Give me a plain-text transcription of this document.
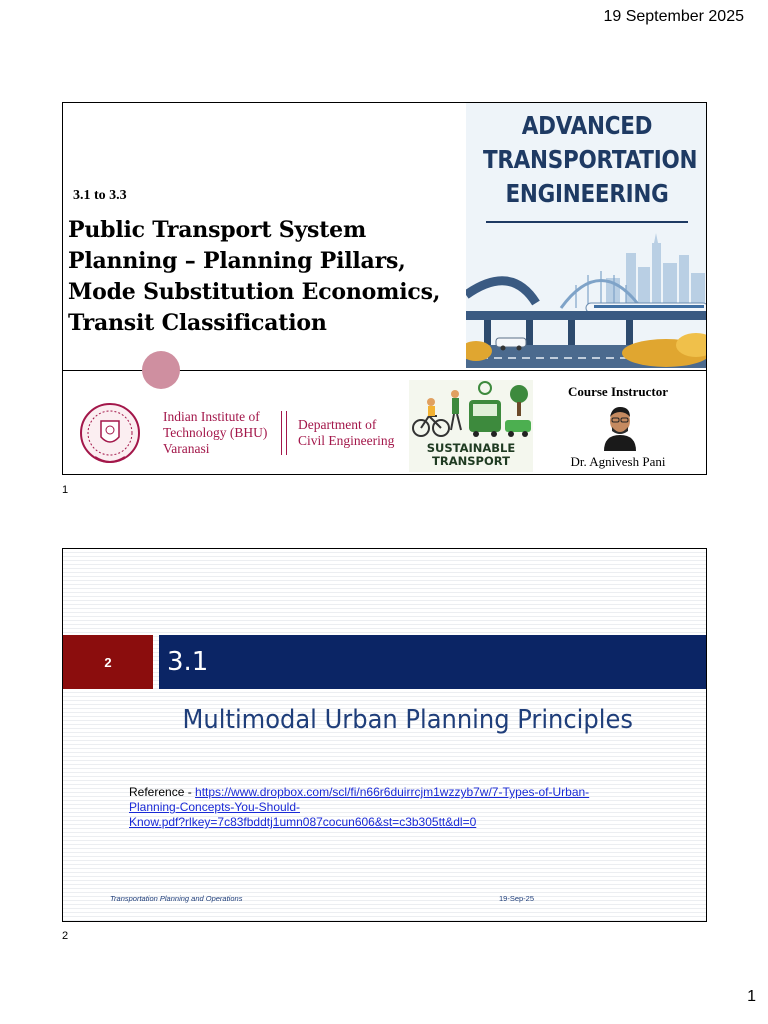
19 September 2025
3.1 to 3.3
Public Transport System Planning – Planning Pillars, Mode Substitution Economics, Transit Classification
ADVANCED
TRANSPORTATION
ENGINEERING
Indian Institute of
Technology (BHU)
Varanasi
Department of
Civil Engineering	SUSTAINABLE
TRANSPORT
Course Instructor
Dr. Agnivesh Pani
1
2	3.1
Multimodal Urban Planning Principles
Reference - https://www.dropbox.com/scl/fi/n66r6duirrcjm1wzzyb7w/7-Types-of-Urban-
Planning-Concepts-You-Should-
Know.pdf?rlkey=7c83fbddtj1umn087cocun606&st=c3b305tt&dl=0
Transportation Planning and Operations	19-Sep-25
2
1
